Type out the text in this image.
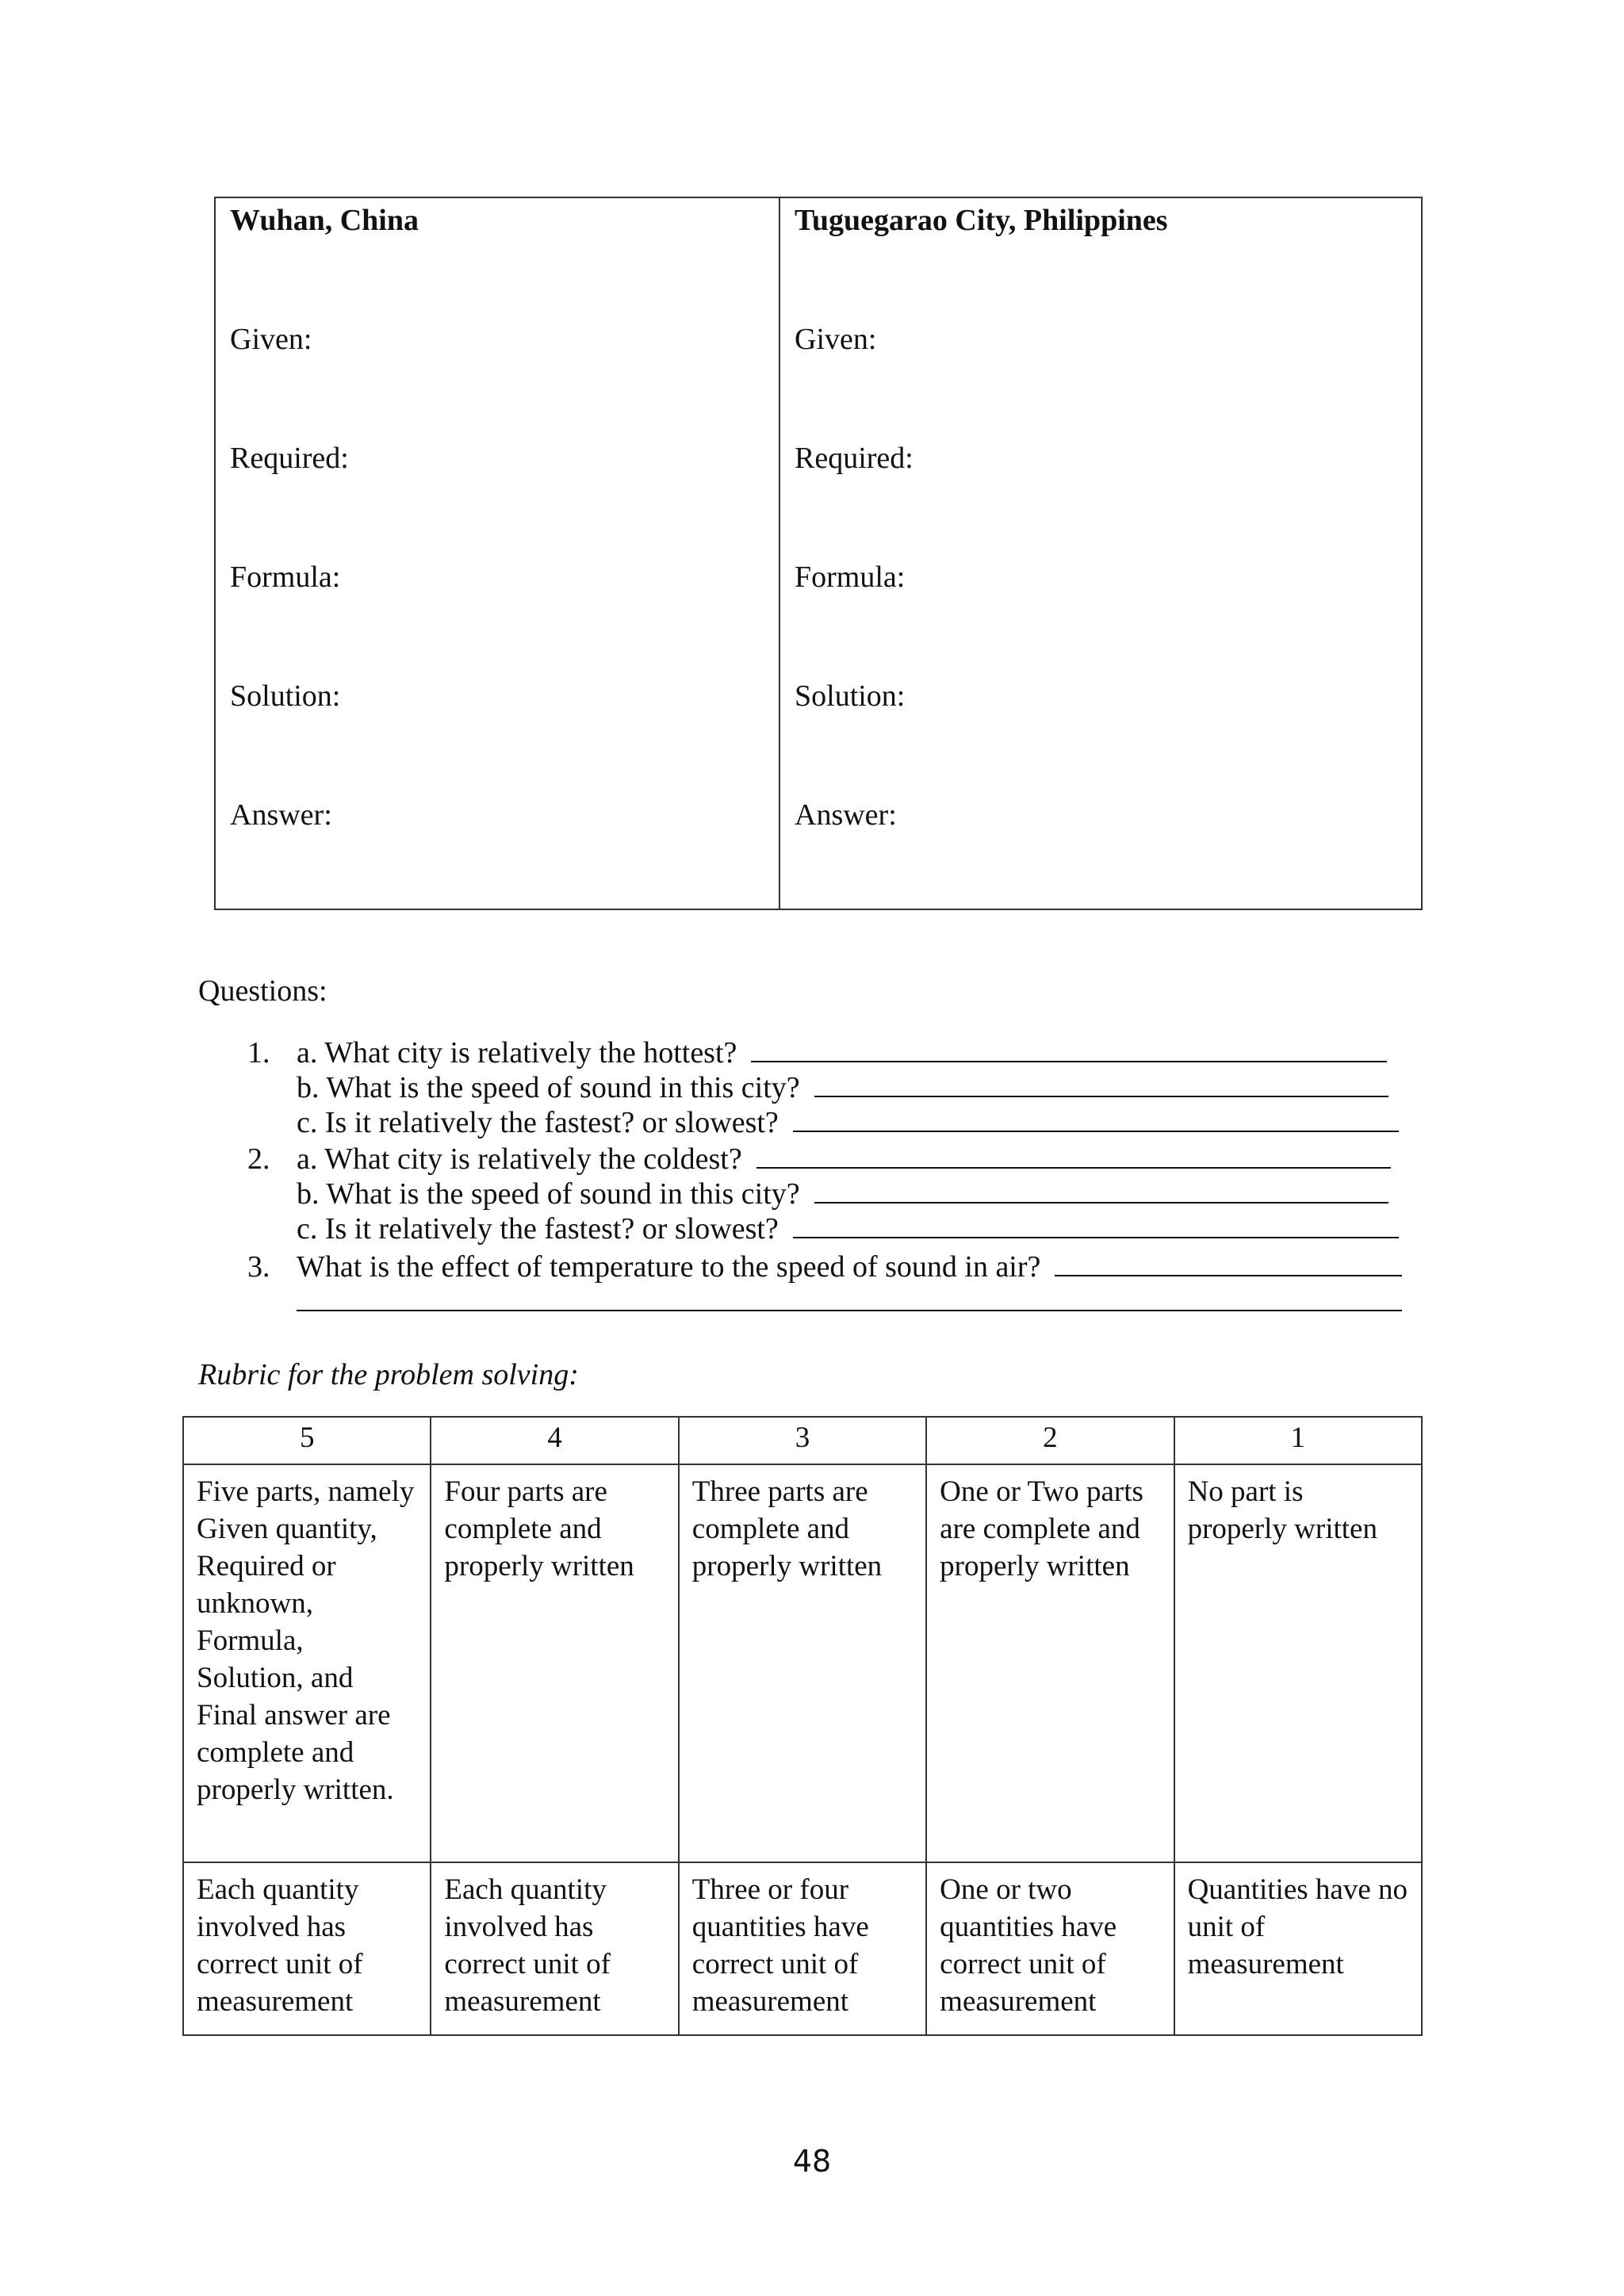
Wuhan, China
Given:
Required:
Formula:
Solution:
Answer:
Tuguegarao City, Philippines
Given:
Required:
Formula:
Solution:
Answer:
Questions:
1. a. What city is relatively the hottest?
b. What is the speed of sound in this city?
c. Is it relatively the fastest? or slowest?
2. a. What city is relatively the coldest?
b. What is the speed of sound in this city?
c. Is it relatively the fastest? or slowest?
3. What is the effect of temperature to the speed of sound in air?
Rubric for the problem solving:
5	4	3	2	1
Five parts, namely Given quantity, Required or unknown, Formula, Solution, and Final answer are complete and properly written.	Four parts are complete and properly written	Three parts are complete and properly written	One or Two parts are complete and properly written	No part is properly written
Each quantity involved has correct unit of measurement	Each quantity involved has correct unit of measurement	Three or four quantities have correct unit of measurement	One or two quantities have correct unit of measurement	Quantities have no unit of measurement
48
